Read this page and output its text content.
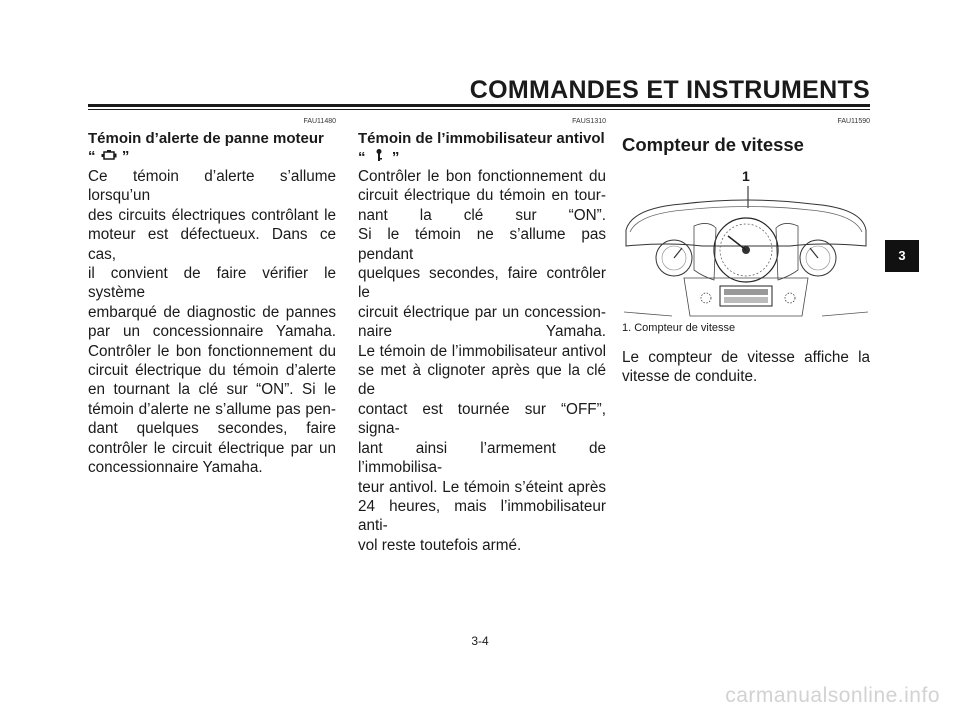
COMMANDES ET INSTRUMENTS
FAU11480
Témoin d’alerte de panne moteur
“ ”
Ce témoin d’alerte s’allume lorsqu’un
des circuits électriques contrôlant le
moteur est défectueux. Dans ce cas,
il convient de faire vérifier le système
embarqué de diagnostic de pannes
par un concessionnaire Yamaha.
Contrôler le bon fonctionnement du
circuit électrique du témoin d’alerte
en tournant la clé sur “ON”. Si le
témoin d’alerte ne s’allume pas pen-
dant quelques secondes, faire
contrôler le circuit électrique par un
concessionnaire Yamaha.
FAUS1310
Témoin de l’immobilisateur antivol
“ ”
Contrôler le bon fonctionnement du
circuit électrique du témoin en tour-
nant la clé sur “ON”.
Si le témoin ne s’allume pas pendant
quelques secondes, faire contrôler le
circuit électrique par un concession-
naire Yamaha.
Le témoin de l’immobilisateur antivol
se met à clignoter après que la clé de
contact est tournée sur “OFF”, signa-
lant ainsi l’armement de l’immobilisa-
teur antivol. Le témoin s’éteint après
24 heures, mais l’immobilisateur anti-
vol reste toutefois armé.
FAU11590
Compteur de vitesse
1
1. Compteur de vitesse
Le compteur de vitesse affiche la
vitesse de conduite.
3
3-4
carmanualsonline.info
